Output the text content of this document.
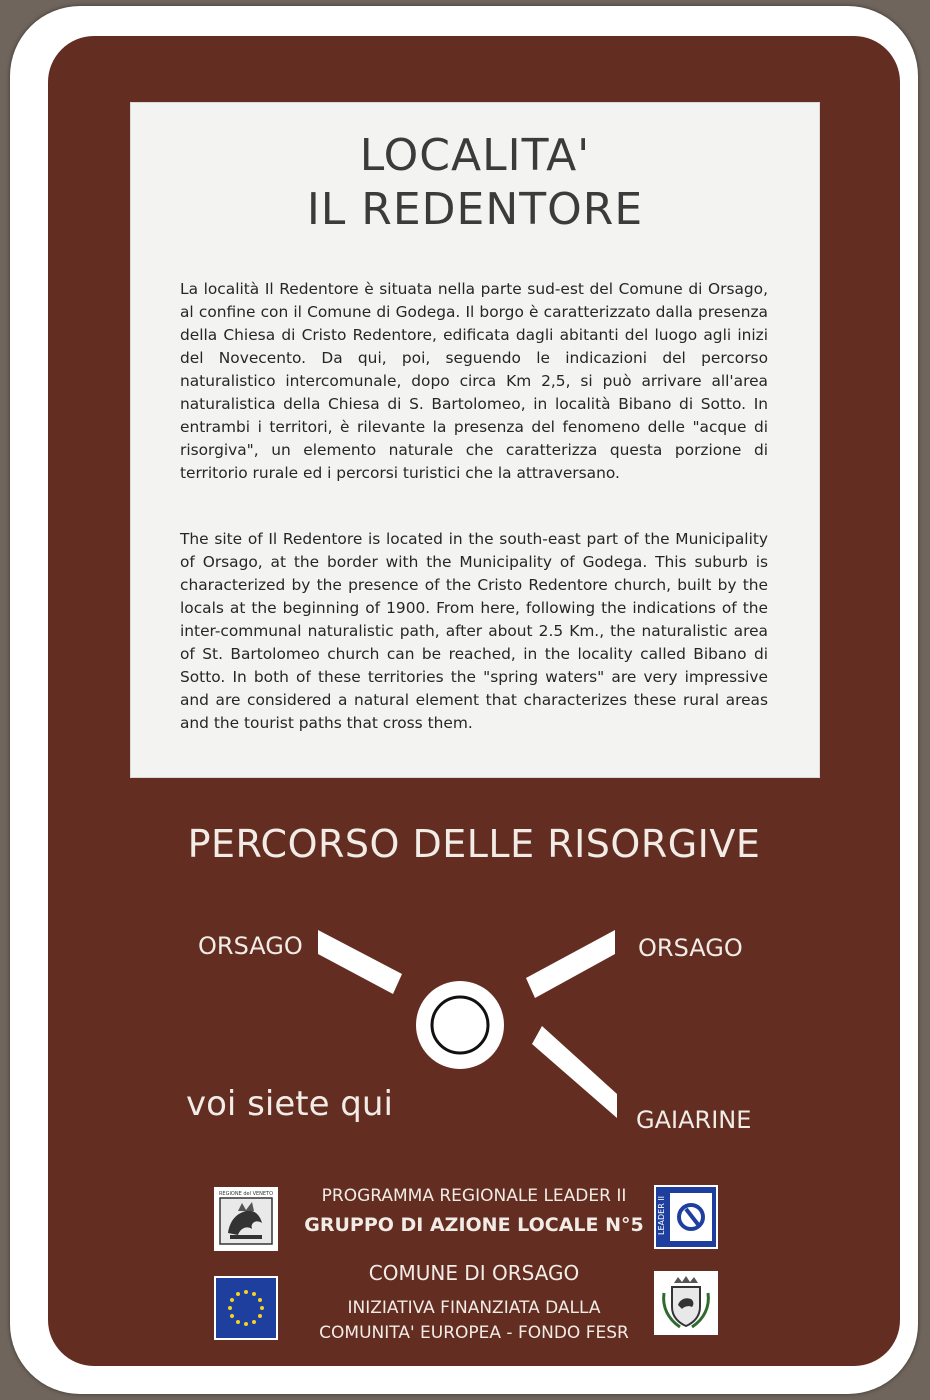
LOCALITA'
IL REDENTORE
La località Il Redentore è situata nella parte sud-est del Comune di Orsago, al confine con il Comune di Godega. Il borgo è caratterizzato dalla presenza della Chiesa di Cristo Redentore, edificata dagli abitanti del luogo agli inizi del Novecento. Da qui, poi, seguendo le indicazioni del percorso naturalistico intercomunale, dopo circa Km 2,5, si può arrivare all'area naturalistica della Chiesa di S. Bartolomeo, in località Bibano di Sotto. In entrambi i territori, è rilevante la presenza del fenomeno delle "acque di risorgiva", un elemento naturale che caratterizza questa porzione di territorio rurale ed i percorsi turistici che la attraversano.
The site of Il Redentore is located in the south-east part of the Municipality of Orsago, at the border with the Municipality of Godega. This suburb is characterized by the presence of the Cristo Redentore church, built by the locals at the beginning of 1900. From here, following the indications of the inter-communal naturalistic path, after about 2.5 Km., the naturalistic area of St. Bartolomeo church can be reached, in the locality called Bibano di Sotto. In both of these territories the "spring waters" are very impressive and are considered a natural element that characterizes these rural areas and the tourist paths that cross them.
PERCORSO DELLE RISORGIVE
ORSAGO	ORSAGO
GAIARINE
voi siete qui
REGIONE del VENETO
LEADER II
PROGRAMMA REGIONALE LEADER II
GRUPPO DI AZIONE LOCALE N°5
COMUNE DI ORSAGO
INIZIATIVA FINANZIATA DALLA
COMUNITA' EUROPEA - FONDO FESR
